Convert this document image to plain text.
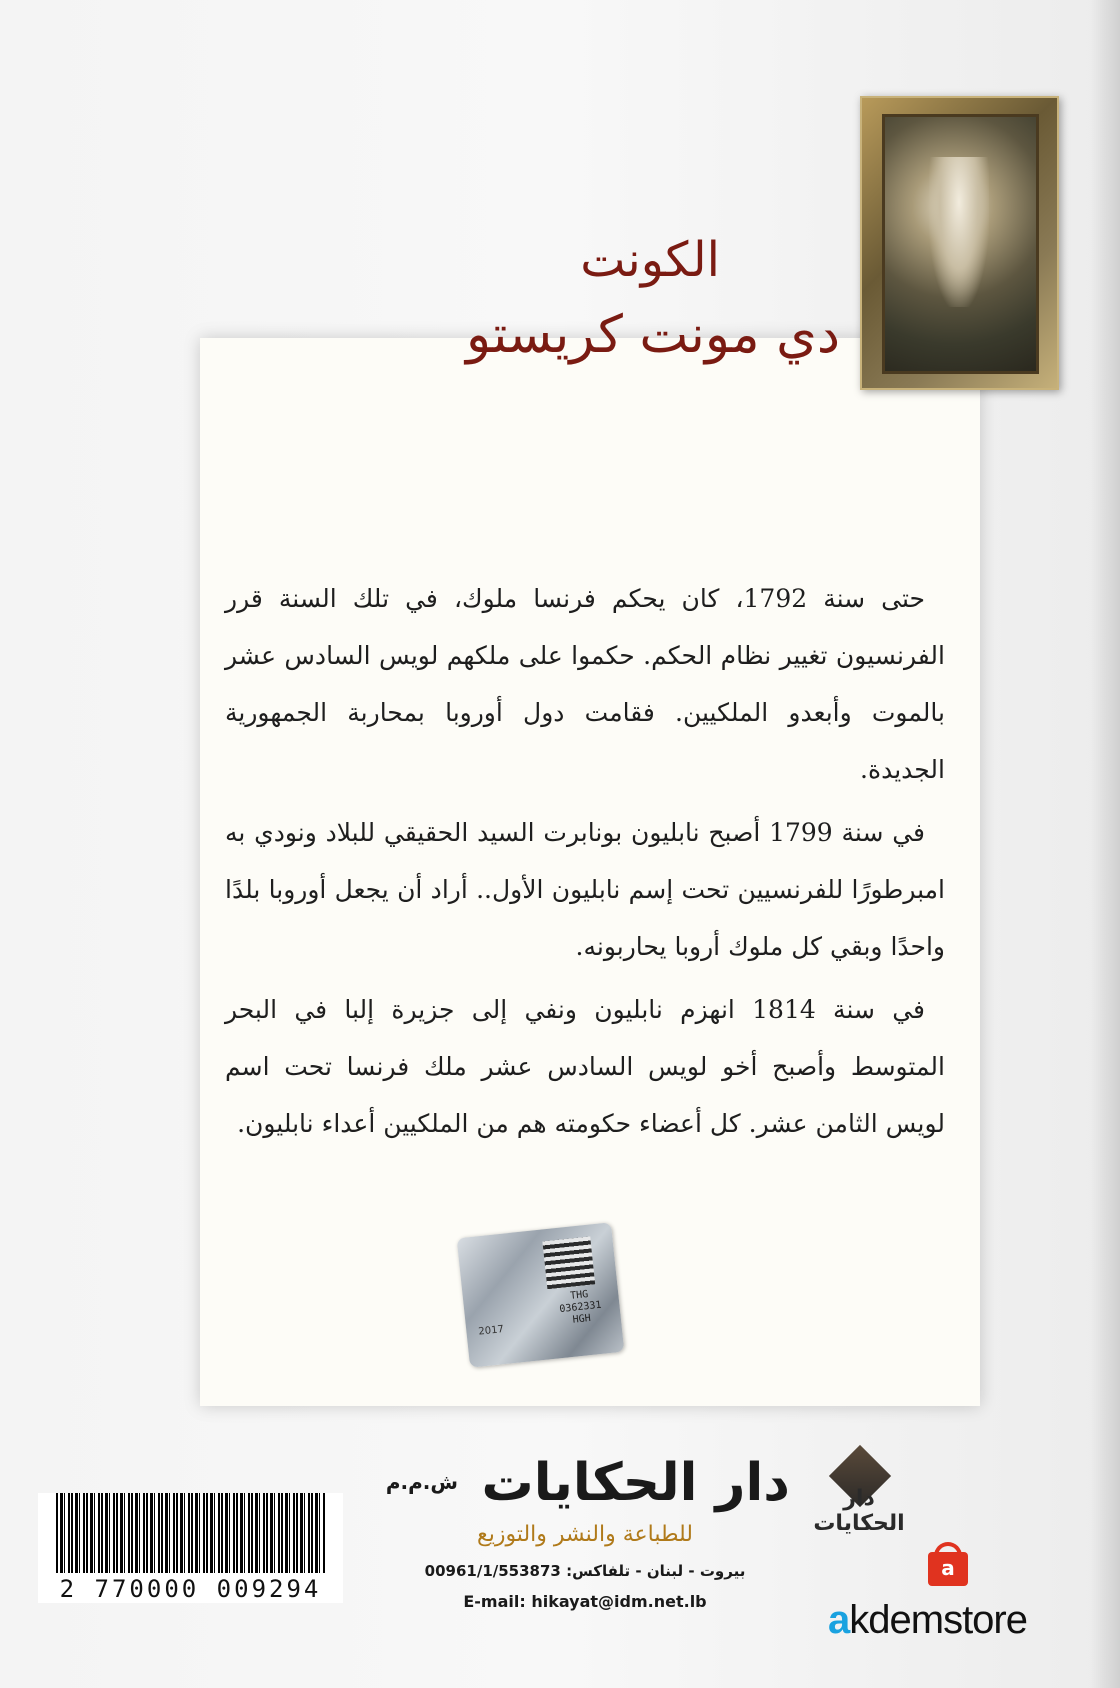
الكونت
دي مونت كريستو

حتى سنة 1792، كان يحكم فرنسا ملوك، في تلك السنة قرر الفرنسيون تغيير نظام الحكم. حكموا على ملكهم لويس السادس عشر بالموت وأبعدو الملكيين. فقامت دول أوروبا بمحاربة الجمهورية الجديدة.

في سنة 1799 أصبح نابليون بونابرت السيد الحقيقي للبلاد ونودي به امبرطورًا للفرنسيين تحت إسم نابليون الأول.. أراد أن يجعل أوروبا بلدًا واحدًا وبقي كل ملوك أروبا يحاربونه.

في سنة 1814 انهزم نابليون ونفي إلى جزيرة إلبا في البحر المتوسط وأصبح أخو لويس السادس عشر ملك فرنسا تحت اسم لويس الثامن عشر. كل أعضاء حكومته هم من الملكيين أعداء نابليون.

THG
0362331
HGH
2017
2 770000 009294
دار الحكايات
دار الحكايات
ش.م.م
للطباعة والنشر والتوزيع
بيروت - لبنان - تلفاكس: 00961/1/553873
E-mail: hikayat@idm.net.lb
a
akdemstore
